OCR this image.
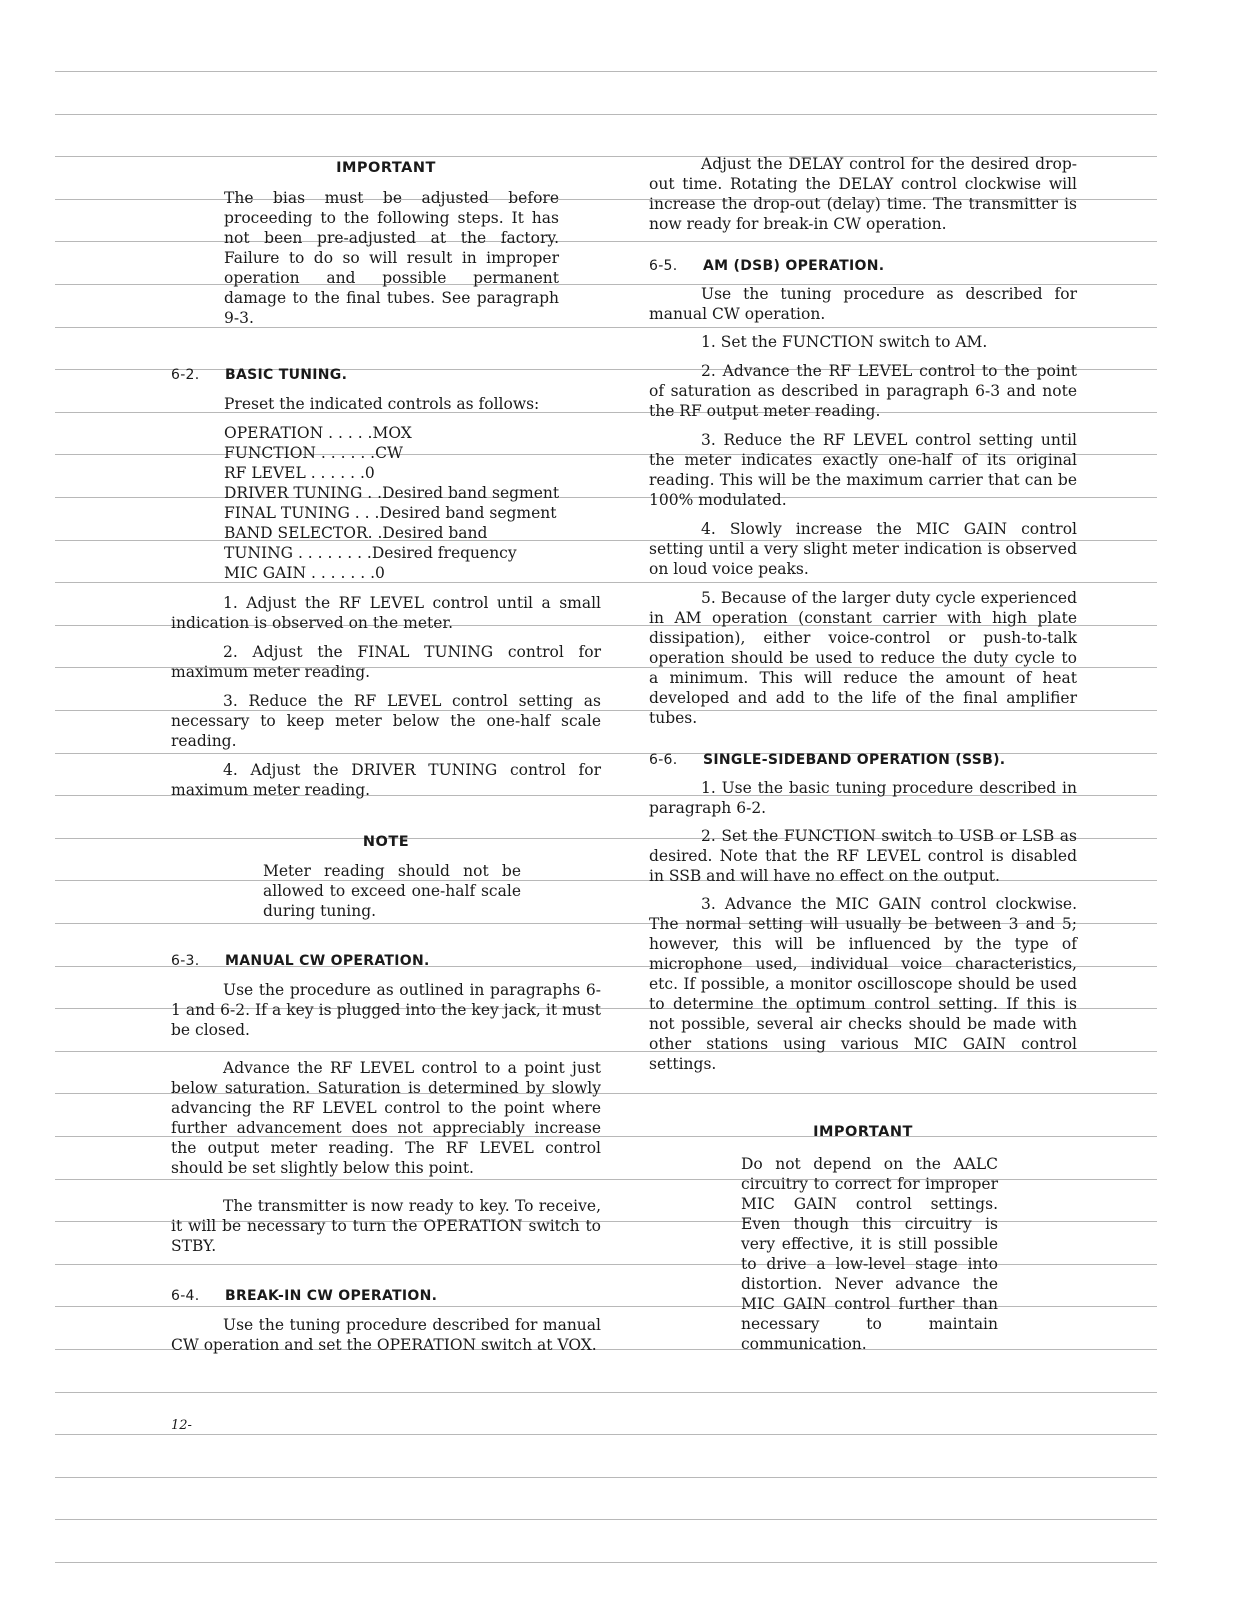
IMPORTANT

The bias must be adjusted before proceeding to the following steps. It has not been pre-adjusted at the factory. Failure to do so will result in improper operation and possible permanent damage to the final tubes. See paragraph 9-3.

6-2.	BASIC TUNING.

Preset the indicated controls as follows:

OPERATION . . . . .MOX
FUNCTION . . . . . .CW
RF LEVEL . . . . . .0
DRIVER TUNING . .Desired band segment
FINAL TUNING . . .Desired band segment
BAND SELECTOR. .Desired band
TUNING . . . . . . . .Desired frequency
MIC GAIN . . . . . . .0

1. Adjust the RF LEVEL control until a small indication is observed on the meter.

2. Adjust the FINAL TUNING control for maximum meter reading.

3. Reduce the RF LEVEL control setting as necessary to keep meter below the one-half scale reading.

4. Adjust the DRIVER TUNING control for maximum meter reading.

NOTE

Meter reading should not be allowed to exceed one-half scale during tuning.

6-3.	MANUAL CW OPERATION.

Use the procedure as outlined in paragraphs 6-1 and 6-2. If a key is plugged into the key jack, it must be closed.

Advance the RF LEVEL control to a point just below saturation. Saturation is determined by slowly advancing the RF LEVEL control to the point where further advancement does not appreciably increase the output meter reading. The RF LEVEL control should be set slightly below this point.

The transmitter is now ready to key. To receive, it will be necessary to turn the OPERATION switch to STBY.

6-4.	BREAK-IN CW OPERATION.

Use the tuning procedure described for manual CW operation and set the OPERATION switch at VOX.

Adjust the DELAY control for the desired drop-out time. Rotating the DELAY control clockwise will increase the drop-out (delay) time. The transmitter is now ready for break-in CW operation.

6-5.	AM (DSB) OPERATION.

Use the tuning procedure as described for manual CW operation.

1. Set the FUNCTION switch to AM.

2. Advance the RF LEVEL control to the point of saturation as described in paragraph 6-3 and note the RF output meter reading.

3. Reduce the RF LEVEL control setting until the meter indicates exactly one-half of its original reading. This will be the maximum carrier that can be 100% modulated.

4. Slowly increase the MIC GAIN control setting until a very slight meter indication is observed on loud voice peaks.

5. Because of the larger duty cycle experienced in AM operation (constant carrier with high plate dissipation), either voice-control or push-to-talk operation should be used to reduce the duty cycle to a minimum. This will reduce the amount of heat developed and add to the life of the final amplifier tubes.

6-6.	SINGLE-SIDEBAND OPERATION (SSB).

1. Use the basic tuning procedure described in paragraph 6-2.

2. Set the FUNCTION switch to USB or LSB as desired. Note that the RF LEVEL control is disabled in SSB and will have no effect on the output.

3. Advance the MIC GAIN control clockwise. The normal setting will usually be between 3 and 5; however, this will be influenced by the type of microphone used, individual voice characteristics, etc. If possible, a monitor oscilloscope should be used to determine the optimum control setting. If this is not possible, several air checks should be made with other stations using various MIC GAIN control settings.

IMPORTANT

Do not depend on the AALC circuitry to correct for improper MIC GAIN control settings. Even though this circuitry is very effective, it is still possible to drive a low-level stage into distortion. Never advance the MIC GAIN control further than necessary to maintain communication.

12-
